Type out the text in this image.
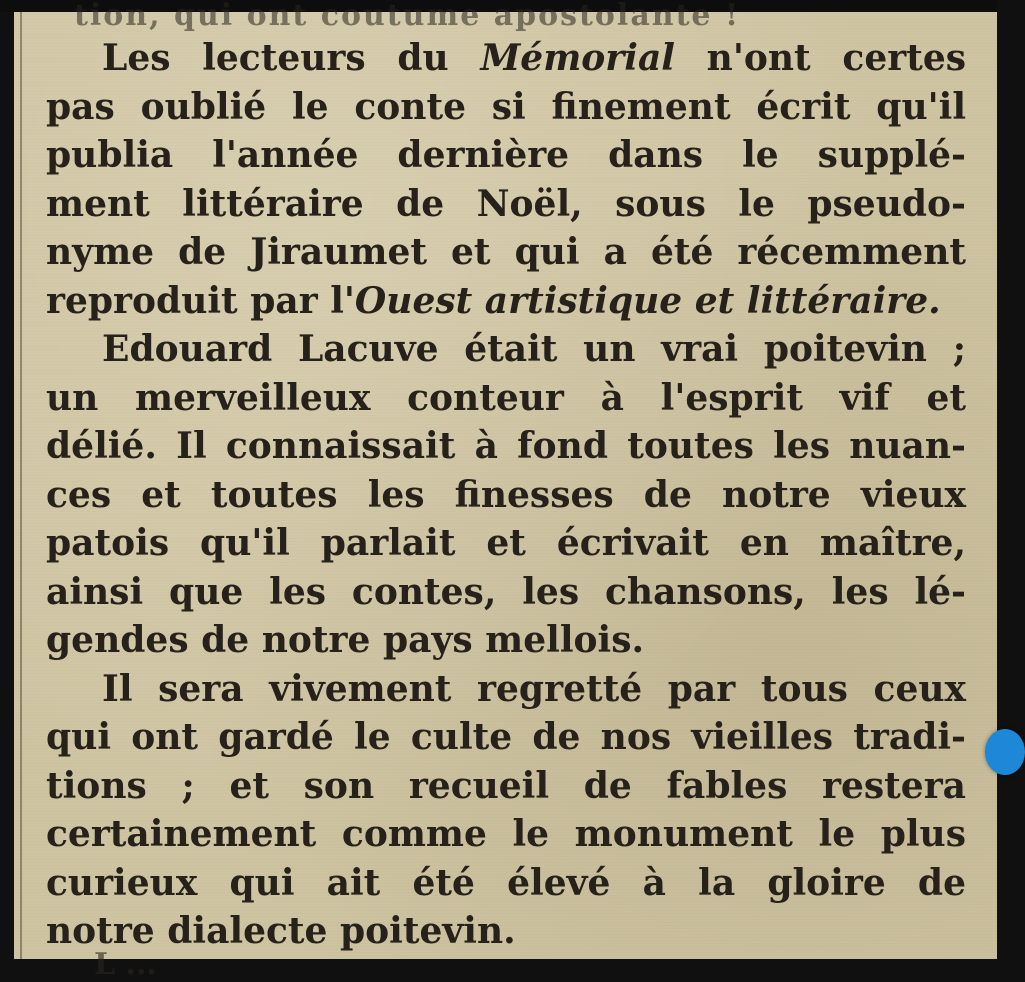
tion, qui ont coutume apostolante !
Les lecteurs du Mémorial n'ont certes
pas oublié le conte si finement écrit qu'il
publia l'année dernière dans le supplé-
ment littéraire de Noël, sous le pseudo-
nyme de Jiraumet et qui a été récemment
reproduit par l'Ouest artistique et littéraire.
Edouard Lacuve était un vrai poitevin ;
un merveilleux conteur à l'esprit vif et
délié. Il connaissait à fond toutes les nuan-
ces et toutes les finesses de notre vieux
patois qu'il parlait et écrivait en maître,
ainsi que les contes, les chansons, les lé-
gendes de notre pays mellois.
Il sera vivement regretté par tous ceux
qui ont gardé le culte de nos vieilles tradi-
tions ; et son recueil de fables restera
certainement comme le monument le plus
curieux qui ait été élevé à la gloire de
notre dialecte poitevin.
L ...
